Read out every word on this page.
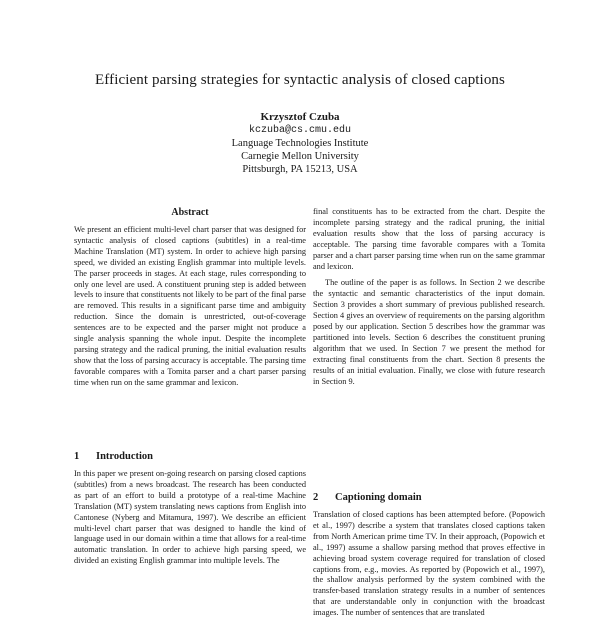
Efficient parsing strategies for syntactic analysis of closed captions
Krzysztof Czuba
kczuba@cs.cmu.edu
Language Technologies Institute
Carnegie Mellon University
Pittsburgh, PA 15213, USA
Abstract

We present an efficient multi-level chart parser that was designed for syntactic analysis of closed captions (subtitles) in a real-time Machine Translation (MT) system. In order to achieve high parsing speed, we divided an existing English grammar into multiple levels. The parser proceeds in stages. At each stage, rules corresponding to only one level are used. A constituent pruning step is added between levels to insure that constituents not likely to be part of the final parse are removed. This results in a significant parse time and ambiguity reduction. Since the domain is unrestricted, out-of-coverage sentences are to be expected and the parser might not produce a single analysis spanning the whole input. Despite the incomplete parsing strategy and the radical pruning, the initial evaluation results show that the loss of parsing accuracy is acceptable. The parsing time favorable compares with a Tomita parser and a chart parser parsing time when run on the same grammar and lexicon.

1 Introduction

In this paper we present on-going research on parsing closed captions (subtitles) from a news broadcast. The research has been conducted as part of an effort to build a prototype of a real-time Machine Translation (MT) system translating news captions from English into Cantonese (Nyberg and Mitamura, 1997). We describe an efficient multi-level chart parser that was designed to handle the kind of language used in our domain within a time that allows for a real-time automatic translation. In order to achieve high parsing speed, we divided an existing English grammar into multiple levels. The

final constituents has to be extracted from the chart. Despite the incomplete parsing strategy and the radical pruning, the initial evaluation results show that the loss of parsing accuracy is acceptable. The parsing time favorable compares with a Tomita parser and a chart parser parsing time when run on the same grammar and lexicon.

The outline of the paper is as follows. In Section 2 we describe the syntactic and semantic characteristics of the input domain. Section 3 provides a short summary of previous published research. Section 4 gives an overview of requirements on the parsing algorithm posed by our application. Section 5 describes how the grammar was partitioned into levels. Section 6 describes the constituent pruning algorithm that we used. In Section 7 we present the method for extracting final constituents from the chart. Section 8 presents the results of an initial evaluation. Finally, we close with future research in Section 9.

2 Captioning domain

Translation of closed captions has been attempted before. (Popowich et al., 1997) describe a system that translates closed captions taken from North American prime time TV. In their approach, (Popowich et al., 1997) assume a shallow parsing method that proves effective in achieving broad system coverage required for translation of closed captions from, e.g., movies. As reported by (Popowich et al., 1997), the shallow analysis performed by the system combined with the transfer-based translation strategy results in a number of sentences that are understandable only in conjunction with the broadcast images. The number of sentences that are translated
